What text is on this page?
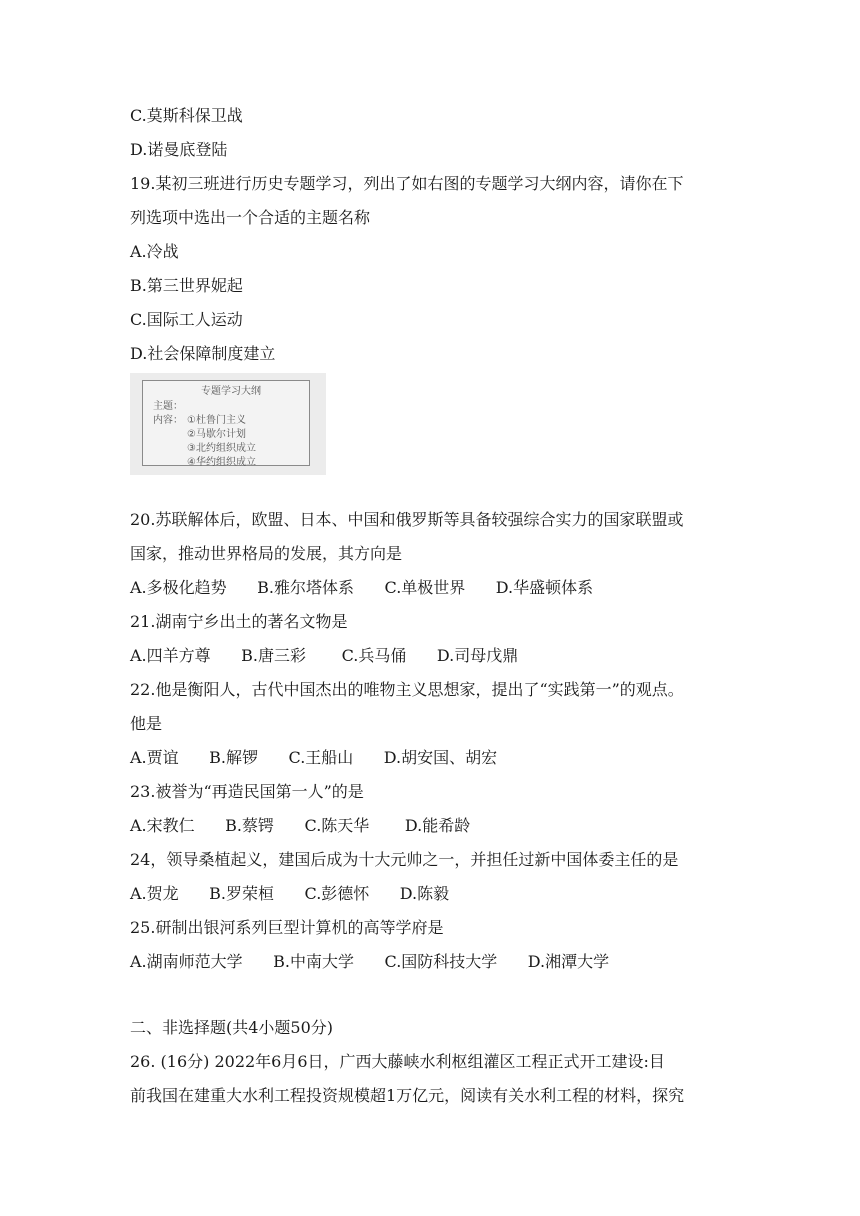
C.莫斯科保卫战
D.诺曼底登陆
19.某初三班进行历史专题学习，列出了如右图的专题学习大纲内容，请你在下
列选项中选出一个合适的主题名称
A.冷战
B.第三世界妮起
C.国际工人运动
D.社会保障制度建立
专题学习大纲
主题：
内容： ①杜鲁门主义
②马歇尔计划
③北约组织成立
④华约组织成立
20.苏联解体后，欧盟、日本、中国和俄罗斯等具备较强综合实力的国家联盟或
国家，推动世界格局的发展，其方向是
A.多极化趋势      B.雅尔塔体系      C.单极世界      D.华盛顿体系
21.湖南宁乡出土的著名文物是
A.四羊方尊      B.唐三彩       C.兵马俑      D.司母戊鼎
22.他是衡阳人，古代中国杰出的唯物主义思想家，提出了“实践第一”的观点。
他是
A.贾谊      B.解锣      C.王船山      D.胡安国、胡宏
23.被誉为“再造民国第一人”的是
A.宋教仁      B.蔡锷      C.陈天华       D.能希龄
24，领导桑植起义，建国后成为十大元帅之一，并担任过新中国体委主任的是
A.贺龙      B.罗荣桓      C.彭德怀      D.陈毅
25.研制出银河系列巨型计算机的高等学府是
A.湖南师范大学      B.中南大学      C.国防科技大学      D.湘潭大学
二、非选择题(共4小题50分)
26. (16分) 2022年6月6日，广西大藤峡水利枢组灌区工程正式开工建设:目
前我国在建重大水利工程投资规模超1万亿元，阅读有关水利工程的材料，探究
